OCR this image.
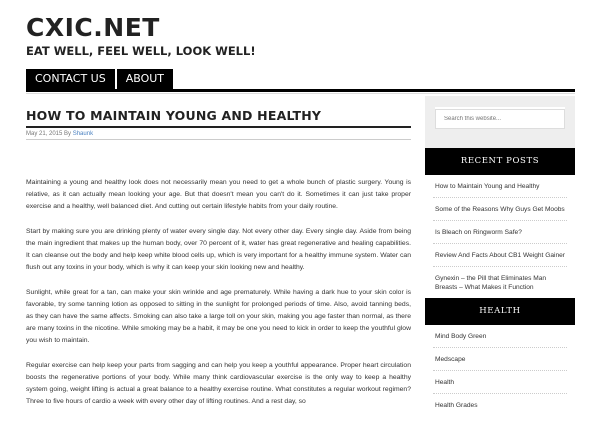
CXIC.NET
EAT WELL, FEEL WELL, LOOK WELL!
CONTACT US	ABOUT
HOW TO MAINTAIN YOUNG AND HEALTHY
May 21, 2015 By Shaunk

Maintaining a young and healthy look does not necessarily mean you need to get a whole bunch of plastic surgery. Young is relative, as it can actually mean looking your age. But that doesn't mean you can't do it. Sometimes it can just take proper exercise and a healthy, well balanced diet. And cutting out certain lifestyle habits from your daily routine.

Start by making sure you are drinking plenty of water every single day. Not every other day. Every single day. Aside from being the main ingredient that makes up the human body, over 70 percent of it, water has great regenerative and healing capabilities. It can cleanse out the body and help keep white blood cells up, which is very important for a healthy immune system. Water can flush out any toxins in your body, which is why it can keep your skin looking new and healthy.

Sunlight, while great for a tan, can make your skin wrinkle and age prematurely. While having a dark hue to your skin color is favorable, try some tanning lotion as opposed to sitting in the sunlight for prolonged periods of time. Also, avoid tanning beds, as they can have the same affects. Smoking can also take a large toll on your skin, making you age faster than normal, as there are many toxins in the nicotine. While smoking may be a habit, it may be one you need to kick in order to keep the youthful glow you wish to maintain.

Regular exercise can help keep your parts from sagging and can help you keep a youthful appearance. Proper heart circulation boosts the regenerative portions of your body. While many think cardiovascular exercise is the only way to keep a healthy system going, weight lifting is actual a great balance to a healthy exercise routine. What constitutes a regular workout regimen? Three to five hours of cardio a week with every other day of lifting routines. And a rest day, so

Search this website...
RECENT POSTS
How to Maintain Young and Healthy
Some of the Reasons Why Guys Get Moobs
Is Bleach on Ringworm Safe?
Review And Facts About CB1 Weight Gainer
Gynexin – the Pill that Eliminates Man Breasts – What Makes it Function
HEALTH
Mind Body Green
Medscape
Health
Health Grades
